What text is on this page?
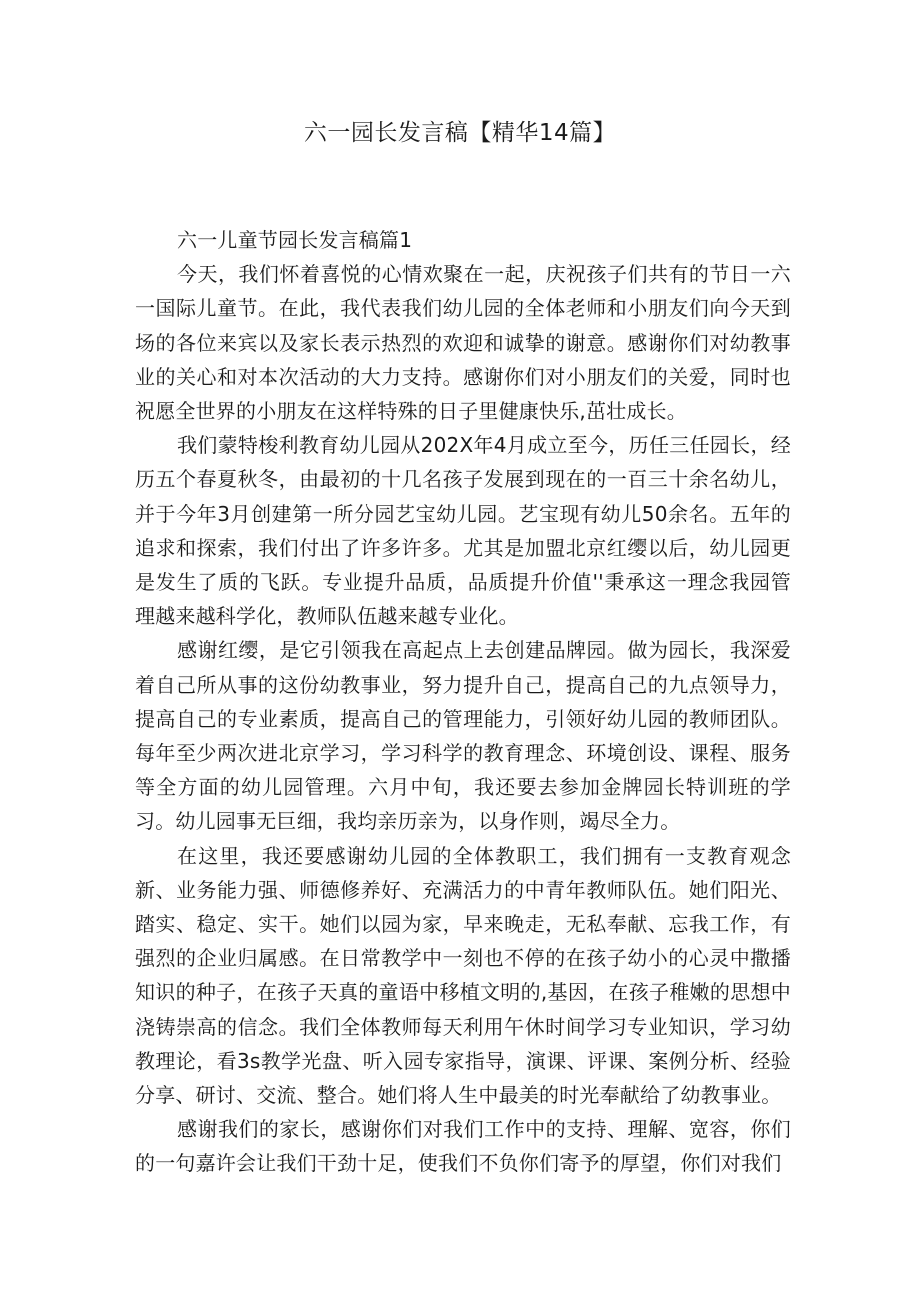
六一园长发言稿【精华14篇】

六一儿童节园长发言稿篇1

今天，我们怀着喜悦的心情欢聚在一起，庆祝孩子们共有的节日一六一国际儿童节。在此，我代表我们幼儿园的全体老师和小朋友们向今天到场的各位来宾以及家长表示热烈的欢迎和诚挚的谢意。感谢你们对幼教事业的关心和对本次活动的大力支持。感谢你们对小朋友们的关爱，同时也祝愿全世界的小朋友在这样特殊的日子里健康快乐,茁壮成长。

我们蒙特梭利教育幼儿园从202X年4月成立至今，历任三任园长，经历五个春夏秋冬，由最初的十几名孩子发展到现在的一百三十余名幼儿，并于今年3月创建第一所分园艺宝幼儿园。艺宝现有幼儿50余名。五年的追求和探索，我们付出了许多许多。尤其是加盟北京红缨以后，幼儿园更是发生了质的飞跃。专业提升品质，品质提升价值''秉承这一理念我园管理越来越科学化，教师队伍越来越专业化。

感谢红缨，是它引领我在高起点上去创建品牌园。做为园长，我深爱着自己所从事的这份幼教事业，努力提升自己，提高自己的九点领导力，提高自己的专业素质，提高自己的管理能力，引领好幼儿园的教师团队。每年至少两次进北京学习，学习科学的教育理念、环境创设、课程、服务等全方面的幼儿园管理。六月中旬，我还要去参加金牌园长特训班的学习。幼儿园事无巨细，我均亲历亲为，以身作则，竭尽全力。

在这里，我还要感谢幼儿园的全体教职工，我们拥有一支教育观念新、业务能力强、师德修养好、充满活力的中青年教师队伍。她们阳光、踏实、稳定、实干。她们以园为家，早来晚走，无私奉献、忘我工作，有强烈的企业归属感。在日常教学中一刻也不停的在孩子幼小的心灵中撒播知识的种子，在孩子天真的童语中移植文明的,基因，在孩子稚嫩的思想中浇铸崇高的信念。我们全体教师每天利用午休时间学习专业知识，学习幼教理论，看3s教学光盘、听入园专家指导，演课、评课、案例分析、经验分享、研讨、交流、整合。她们将人生中最美的时光奉献给了幼教事业。

感谢我们的家长，感谢你们对我们工作中的支持、理解、宽容，你们的一句嘉许会让我们干劲十足，使我们不负你们寄予的厚望，你们对我们
